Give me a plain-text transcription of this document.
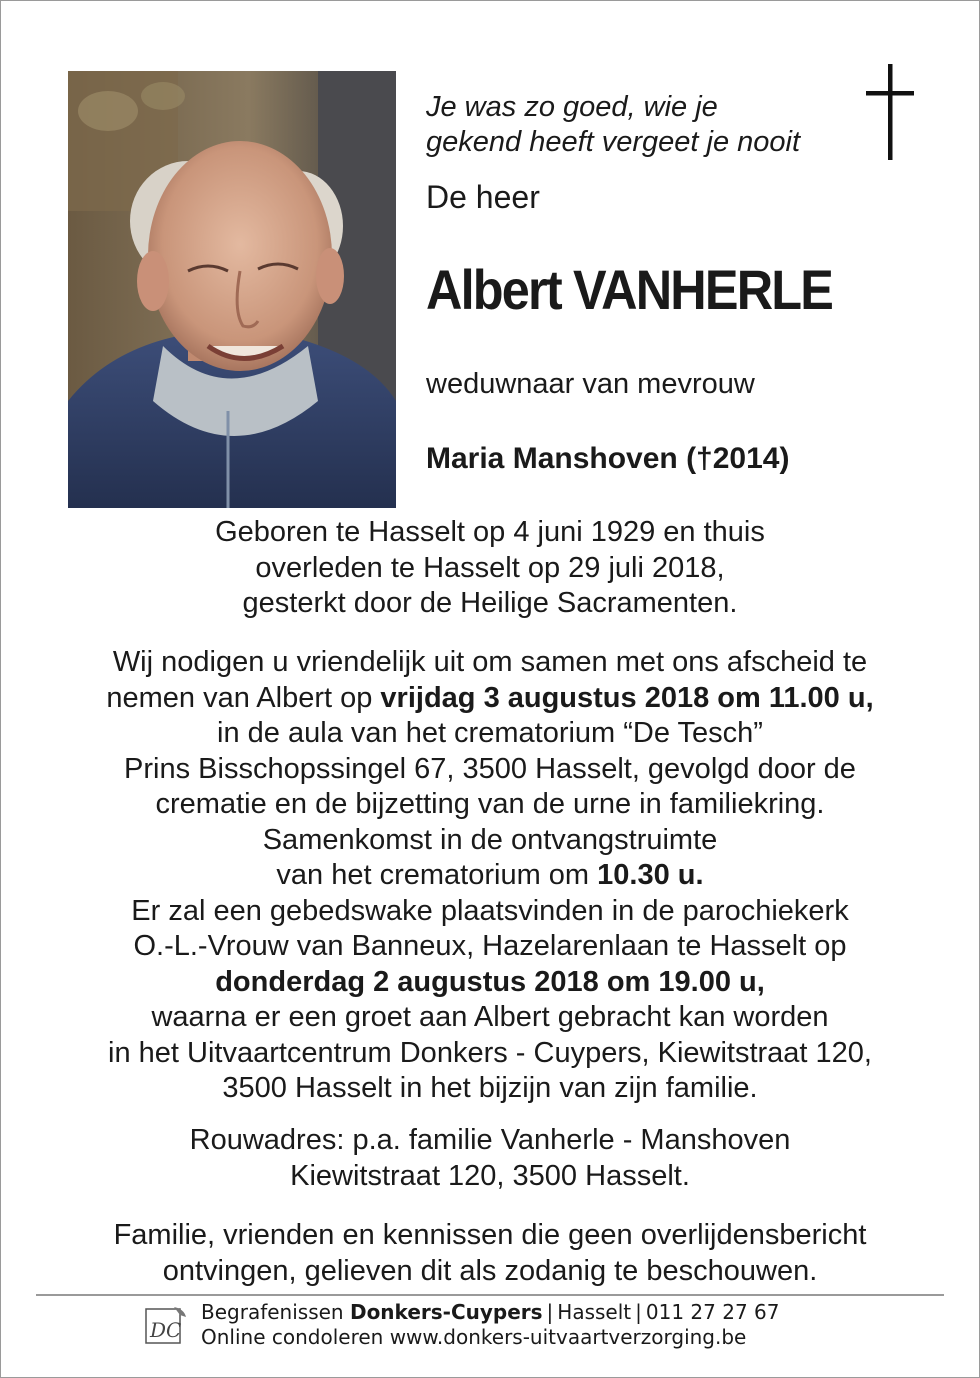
Je was zo goed, wie je
gekend heeft vergeet je nooit
De heer
Albert VANHERLE
weduwnaar van mevrouw
Maria Manshoven (†2014)

Geboren te Hasselt op 4 juni 1929 en thuis

overleden te Hasselt op 29 juli 2018,

gesterkt door de Heilige Sacramenten.

Wij nodigen u vriendelijk uit om samen met ons afscheid te

nemen van Albert op vrijdag 3 augustus 2018 om 11.00 u,

in de aula van het crematorium “De Tesch”

Prins Bisschopssingel 67, 3500 Hasselt, gevolgd door de

crematie en de bijzetting van de urne in familiekring.

Samenkomst in de ontvangstruimte

van het crematorium om 10.30 u.

Er zal een gebedswake plaatsvinden in de parochiekerk

O.-L.-Vrouw van Banneux, Hazelarenlaan te Hasselt op

donderdag 2 augustus 2018 om 19.00 u,

waarna er een groet aan Albert gebracht kan worden

in het Uitvaartcentrum Donkers - Cuypers, Kiewitstraat 120,

3500 Hasselt in het bijzijn van zijn familie.

Rouwadres: p.a. familie Vanherle - Manshoven

Kiewitstraat 120, 3500 Hasselt.

Familie, vrienden en kennissen die geen overlijdensbericht

ontvingen, gelieven dit als zodanig te beschouwen.

DC
Begrafenissen Donkers-Cuypers | Hasselt | 011 27 27 67
Online condoleren www.donkers-uitvaartverzorging.be
